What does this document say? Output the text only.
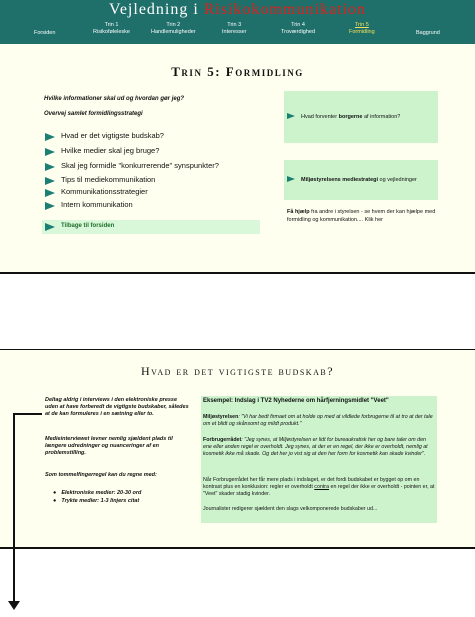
Vejledning i Risikokommunikation
Forsiden
Trin 1
Risikoføleleske
Trin 2
Handlemuligheder
Trin 3
Interesser
Trin 4
Troværdighed
Trin 5
Formidling	Baggrund
Trin 5: Formidling
Hvilke informationer skal ud og hvordan gør jeg?
Overvej samlet formidlingsstrategi
Hvad er det vigtigste budskab?
Hvilke medier skal jeg bruge?
Skal jeg formidle "konkurrerende" synspunkter?
Tips til mediekommunikation
Kommunikationsstrategier
Intern kommunikation
Tilbage til forsiden
Hvad forventer borgerne af information?
Miljøstyrelsens mediestrategi og vejledninger
Få hjælp fra andre i styrelsen - se hvem der kan hjælpe med formidling og kommunikation.... Klik her
Hvad er det vigtigste budskab?
Deltag aldrig i interviews i den elektroniske presse uden at have forberedt de vigtigste budskaber, således at de kan formuleres i en sætning eller to.
Medieinterviewet levner nemlig sjældent plads til længere udredninger og nuanceringer af en problemstilling.
Som tommelfingerregel kan du regne med:
● Elektroniske medier: 20-30 ord
● Trykte medier: 1-3 linjers citat
Eksempel: Indslag i TV2 Nyhederne om hårfjerningsmidlet "Veet"
Miljøstyrelsen: "Vi har bedt firmaet om at holde op med at vildlede forbrugerne til at tro at der tale om et blidt og skånsomt og mildt produkt."
Forbrugerrådet: "Jeg synes, at Miljøstyrelsen er lidt for bureaukratisk her og bare taler om den ene eller anden regel er overholdt. Jeg synes, at der er en regel, der ikke er overholdt, nemlig at kosmetik ikke må skade. Og det her jo vist sig at den her form for kosmetik kan skade kvinder".
Når Forbrugerrådet her får mere plads i indslaget, er det fordi budskabet er bygget op om en kontrast plus en konklusion: regler er overholdt contra en regel der ikke er overholdt - pointen er, at "Veet" skader stadig kvinder.
Journalister redigerer sjældent den slags velkomponerede budskaber ud...
